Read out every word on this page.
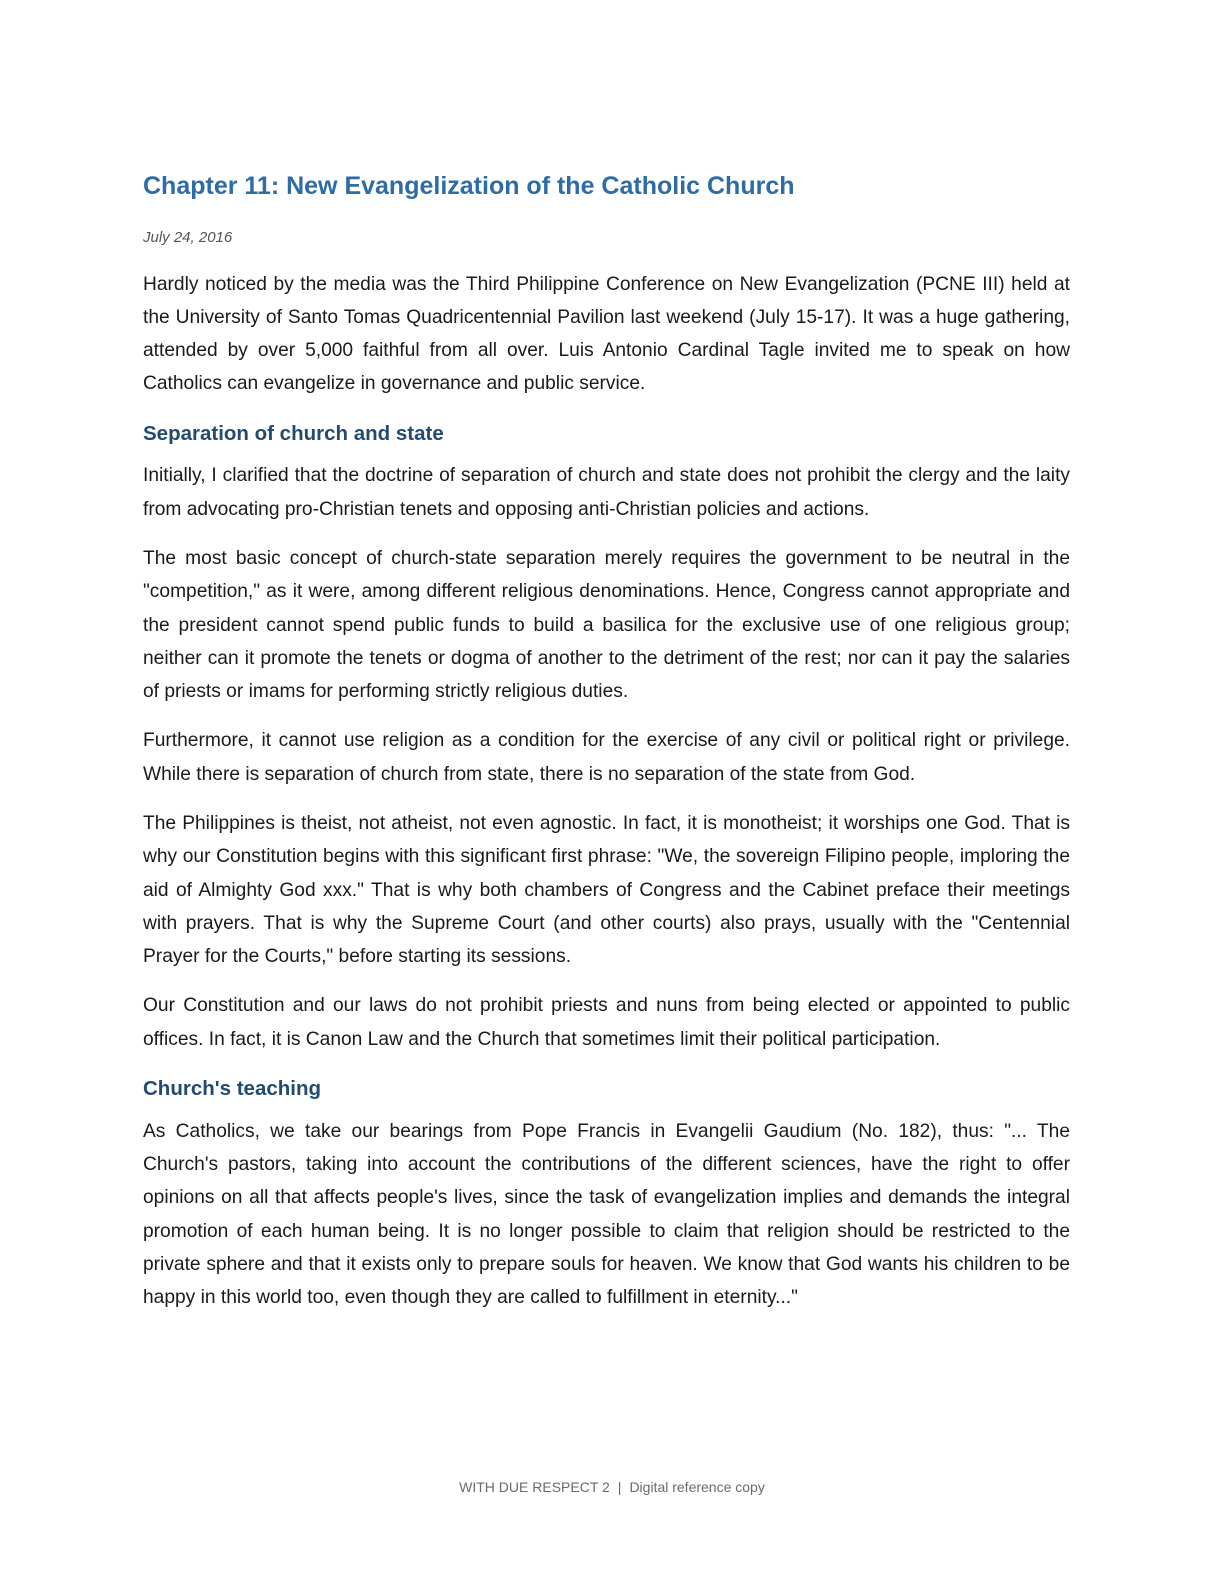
Chapter 11: New Evangelization of the Catholic Church
July 24, 2016

Hardly noticed by the media was the Third Philippine Conference on New Evangelization (PCNE III) held at the University of Santo Tomas Quadricentennial Pavilion last weekend (July 15-17). It was a huge gathering, attended by over 5,000 faithful from all over. Luis Antonio Cardinal Tagle invited me to speak on how Catholics can evangelize in governance and public service.

Separation of church and state

Initially, I clarified that the doctrine of separation of church and state does not prohibit the clergy and the laity from advocating pro-Christian tenets and opposing anti-Christian policies and actions.

The most basic concept of church-state separation merely requires the government to be neutral in the "competition," as it were, among different religious denominations. Hence, Congress cannot appropriate and the president cannot spend public funds to build a basilica for the exclusive use of one religious group; neither can it promote the tenets or dogma of another to the detriment of the rest; nor can it pay the salaries of priests or imams for performing strictly religious duties.

Furthermore, it cannot use religion as a condition for the exercise of any civil or political right or privilege. While there is separation of church from state, there is no separation of the state from God.

The Philippines is theist, not atheist, not even agnostic. In fact, it is monotheist; it worships one God. That is why our Constitution begins with this significant first phrase: "We, the sovereign Filipino people, imploring the aid of Almighty God xxx." That is why both chambers of Congress and the Cabinet preface their meetings with prayers. That is why the Supreme Court (and other courts) also prays, usually with the "Centennial Prayer for the Courts," before starting its sessions.

Our Constitution and our laws do not prohibit priests and nuns from being elected or appointed to public offices. In fact, it is Canon Law and the Church that sometimes limit their political participation.

Church's teaching

As Catholics, we take our bearings from Pope Francis in Evangelii Gaudium (No. 182), thus: "... The Church's pastors, taking into account the contributions of the different sciences, have the right to offer opinions on all that affects people's lives, since the task of evangelization implies and demands the integral promotion of each human being. It is no longer possible to claim that religion should be restricted to the private sphere and that it exists only to prepare souls for heaven. We know that God wants his children to be happy in this world too, even though they are called to fulfillment in eternity..."

WITH DUE RESPECT 2 | Digital reference copy
